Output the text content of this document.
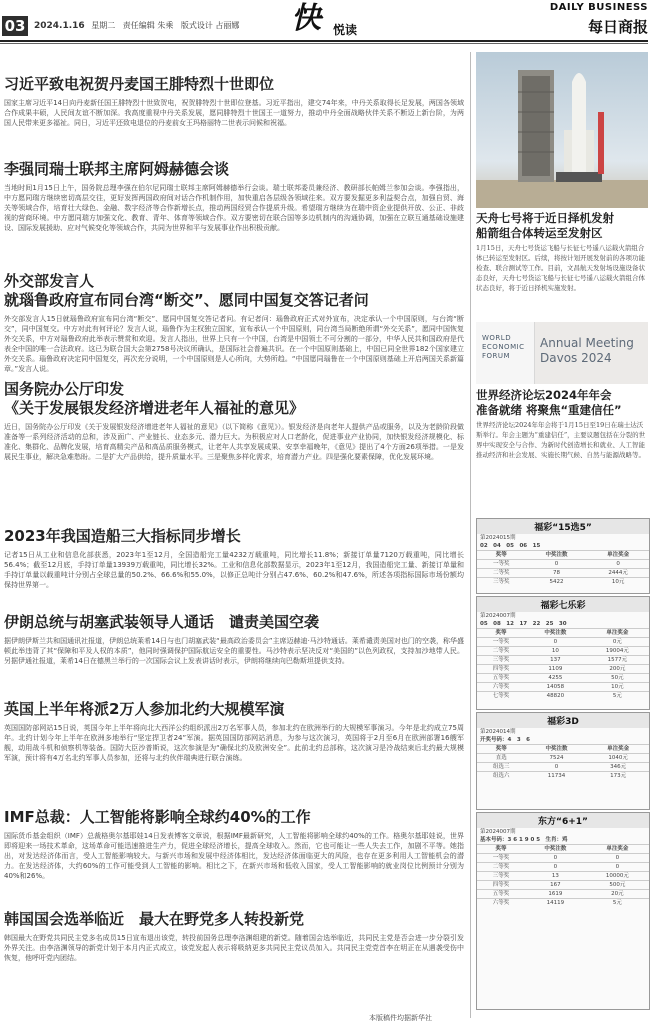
03 2024.1.16 星期二 责任编辑 朱乘 版式设计 占丽娜 快 悦读
DAILY BUSINESS
每日商报
习近平致电祝贺丹麦国王腓特烈十世即位

国家主席习近平14日向丹麦新任国王腓特烈十世致贺电，祝贺腓特烈十世即位登基。习近平指出，建交74年来，中丹关系取得长足发展，两国各领域合作成果丰硕，人民间友谊不断加深。我高度重视中丹关系发展，愿同腓特烈十世国王一道努力，推动中丹全面战略伙伴关系不断迈上新台阶，为两国人民带来更多福祉。同日，习近平还致电退位的丹麦前女王玛格丽特二世表示问候和祝福。

李强同瑞士联邦主席阿姆赫德会谈

当地时间1月15日上午，国务院总理李强在伯尔尼同瑞士联邦主席阿姆赫德举行会谈。瑞士联邦委员兼经济、教研部长帕姆兰参加会谈。李强指出，中方愿同瑞方继续密切高层交往，更好发挥两国政府间对话合作机制作用，加快重启各层级各领域往来。双方要发掘更多利益契合点，加强自贸、海关等领域合作，培育壮大绿色、金融、数字经济等合作新增长点，推动两国经贸合作提质升级。希望瑞方继续为在瑞中资企业提供开放、公正、非歧视的营商环境。中方愿同瑞方加强文化、教育、青年、体育等领域合作。双方要密切在联合国等多边机制内的沟通协调，加强在立联互通基础设施建设、国际发展援助、应对气候变化等领域合作，共同为世界和平与发展事业作出积极贡献。

外交部发言人
就瑙鲁政府宣布同台湾“断交”、愿同中国复交答记者问

外交部发言人15日就瑙鲁政府宣布同台湾“断交”、愿同中国复交答记者问。有记者问：瑙鲁政府正式对外宣布，决定承认一个中国原则，与台湾“断交”，同中国复交。中方对此有何评论？发言人说，瑙鲁作为主权独立国家，宣布承认一个中国原则，同台湾当局断绝所谓“外交关系”，愿同中国恢复外交关系，中方对瑙鲁政府此举表示赞赏和欢迎。发言人指出，世界上只有一个中国，台湾是中国领土不可分割的一部分，中华人民共和国政府是代表全中国的唯一合法政府。这已为联合国大会第2758号决议所确认，是国际社会普遍共识。在一个中国原则基础上，中国已同全世界182个国家建立外交关系。瑙鲁政府决定同中国复交，再次充分说明，一个中国原则是人心所向，大势所趋。“中国愿同瑙鲁在一个中国原则基础上开启两国关系新篇章。”发言人说。

国务院办公厅印发
《关于发展银发经济增进老年人福祉的意见》

近日，国务院办公厅印发《关于发展银发经济增进老年人福祉的意见》（以下简称《意见》）。银发经济是向老年人提供产品或服务，以及为老龄阶段做准备等一系列经济活动的总和，涉及面广、产业链长、业态多元、潜力巨大。为积极应对人口老龄化，促进事业产业协同，加快银发经济规模化、标准化、集群化、品牌化发展，培育高精尖产品和高品质服务模式，让老年人共享发展成果、安享幸福晚年，《意见》提出了4个方面26项举措。一是发展民生事业，解决急难愁盼。二是扩大产品供给，提升质量水平。三是聚焦多样化需求，培育潜力产业。四是强化要素保障，优化发展环境。

2023年我国造船三大指标同步增长

记者15日从工业和信息化部获悉，2023年1至12月，全国造船完工量4232万载重吨，同比增长11.8%；新接订单量7120万载重吨，同比增长56.4%；截至12月底，手持订单量13939万载重吨，同比增长32%。工业和信息化部数据显示，2023年1至12月，我国造船完工量、新接订单量和手持订单量以载重吨计分别占全球总量的50.2%、66.6%和55.0%，以修正总吨计分别占47.6%、60.2%和47.6%，所述各项指标国际市场份额均保持世界第一。

伊朗总统与胡塞武装领导人通话　谴责美国空袭

据伊朗伊斯兰共和国通讯社报道，伊朗总统莱希14日与也门胡塞武装“最高政治委员会”主席迈赫迪·马沙特通话。莱希谴责美国对也门的空袭，称华盛顿此举违背了其“保障和平及人权的本质”，他同时强调保护国际航运安全的重要性。马沙特表示坚决反对“美国的”以色列政权，支持加沙地带人民。另据伊通社报道，莱希14日在德黑兰举行的一次国际会议上发表讲话时表示，伊朗将继续向巴勒斯坦提供支持。

英国上半年将派2万人参加北约大规模军演

英国国防部网站15日说，英国今年上半年将向北大西洋公约组织派出2万名军事人员，参加北约在欧洲举行的大规模军事演习。今年是北约成立75周年。北约计划今年上半年在欧洲多地举行“坚定捍卫者24”军演。据英国国防部网站消息，为参与这次演习，英国将于2月至6月在欧洲部署16艘军舰，动用战斗机和侦察机等装备。国防大臣沙普斯说，这次参演是为“确保北约及欧洲安全”。此前北约总部称，这次演习是冷战结束后北约最大规模军演，预计将有4万名北约军事人员参加，还将与北约伙伴瑞典进行联合演练。

IMF总裁：人工智能将影响全球约40%的工作

国际货币基金组织（IMF）总裁格奥尔基耶娃14日发表博客文章说，根据IMF最新研究，人工智能将影响全球约40%的工作。格奥尔基耶娃说，世界即将迎来一场技术革命，这场革命可能迅速推进生产力，促进全球经济增长，提高全球收入。然而，它也可能让一些人失去工作，加剧不平等。她指出，对发达经济体而言，受人工智能影响较大。与新兴市场和发展中经济体相比，发达经济体面临更大的风险，也存在更多利用人工智能机会的潜力。在发达经济体，大约60%的工作可能受到人工智能的影响。相比之下，在新兴市场和低收入国家，受人工智能影响的就业岗位比例预计分别为40%和26%。

韩国国会选举临近　最大在野党多人转投新党

韩国最大在野党共同民主党多名成员15日宣布退出该党，转投前国务总理李洛渊组建的新党。随着国会选举临近，共同民主党是否会进一步分裂引发外界关注。由李洛渊领导的新党计划于本月内正式成立，该党发起人表示将吸纳更多共同民主党议员加入。共同民主党党首李在明正在从遇袭受伤中恢复，他呼吁党内团结。

天舟七号将于近日择机发射
船箭组合体转运至发射区

1月15日，天舟七号货运飞船与长征七号遥八运载火箭组合体已转运至发射区。后续，将按计划开展发射前的各项功能检查、联合测试等工作。目前，文昌航天发射场设施设备状态良好，天舟七号货运飞船与长征七号遥八运载火箭组合体状态良好，将于近日择机实施发射。

WORLD
ECONOMIC
FORUM
Annual Meeting
Davos 2024

世界经济论坛2024年年会
准备就绪 将聚焦“重建信任”

世界经济论坛2024年年会将于1月15日至19日在瑞士达沃斯举行。年会主题为“重建信任”，主要议题包括在分裂的世界中实现安全与合作、为新时代创造增长和就业、人工智能推动经济和社会发展、实施长期气候、自然与能源战略等。

福彩“15选5”
第2024015期
02　04　05　06　15
奖等	中奖注数	单注奖金
一等奖	0	0
二等奖	78	2444元
三等奖	5422	10元
福彩七乐彩
第2024007期
05　08　12　17　22　25　30
奖等	中奖注数	单注奖金
一等奖	0	0元
二等奖	10	19004元
三等奖	137	1577元
四等奖	1109	200元
五等奖	4255	50元
六等奖	14058	10元
七等奖	48820	5元
福彩3D
第2024014期
开奖号码：4　3　6
奖等	中奖注数	单注奖金
直选	7524	1040元
组选三	0	346元
组选六	11734	173元
东方“6+1”
第2024007期
基本号码：3 6 1 9 0 5　生肖：鸡
奖等	中奖注数	单注奖金
一等奖	0	0
二等奖	0	0
三等奖	13	10000元
四等奖	167	500元
五等奖	1619	20元
六等奖	14119	5元
本版稿件均据新华社
